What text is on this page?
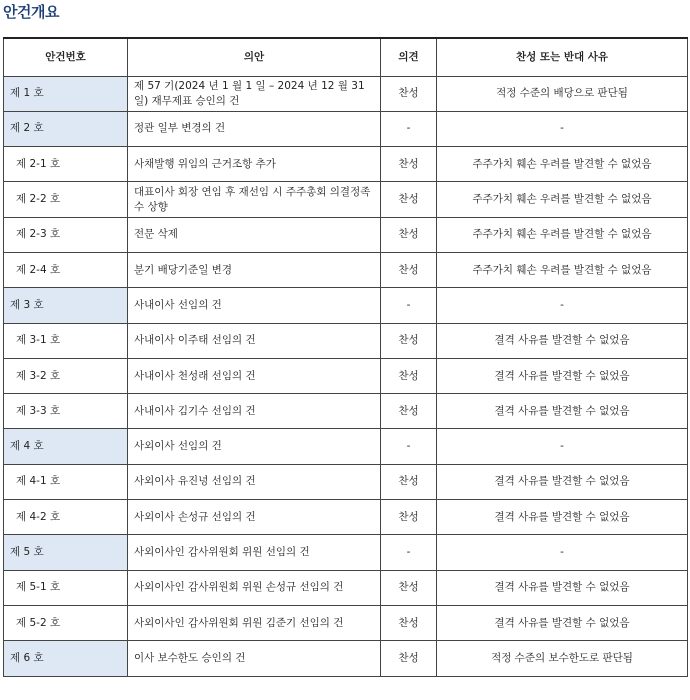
안건개요
안건번호	의안	의견	찬성 또는 반대 사유
제 1 호	제 57 기(2024 년 1 월 1 일 – 2024 년 12 월 31 일) 재무제표 승인의 건	찬성	적정 수준의 배당으로 판단됨
제 2 호	정관 일부 변경의 건	-	-
제 2-1 호	사채발행 위임의 근거조항 추가	찬성	주주가치 훼손 우려를 발견할 수 없었음
제 2-2 호	대표이사 회장 연임 후 재선임 시 주주총회 의결정족수 상향	찬성	주주가치 훼손 우려를 발견할 수 없었음
제 2-3 호	전문 삭제	찬성	주주가치 훼손 우려를 발견할 수 없었음
제 2-4 호	분기 배당기준일 변경	찬성	주주가치 훼손 우려를 발견할 수 없었음
제 3 호	사내이사 선임의 건	-	-
제 3-1 호	사내이사 이주태 선임의 건	찬성	결격 사유를 발견할 수 없었음
제 3-2 호	사내이사 천성래 선임의 건	찬성	결격 사유를 발견할 수 없었음
제 3-3 호	사내이사 김기수 선임의 건	찬성	결격 사유를 발견할 수 없었음
제 4 호	사외이사 선임의 건	-	-
제 4-1 호	사외이사 유진녕 선임의 건	찬성	결격 사유를 발견할 수 없었음
제 4-2 호	사외이사 손성규 선임의 건	찬성	결격 사유를 발견할 수 없었음
제 5 호	사외이사인 감사위원회 위원 선임의 건	-	-
제 5-1 호	사외이사인 감사위원회 위원 손성규 선임의 건	찬성	결격 사유를 발견할 수 없었음
제 5-2 호	사외이사인 감사위원회 위원 김준기 선임의 건	찬성	결격 사유를 발견할 수 없었음
제 6 호	이사 보수한도 승인의 건	찬성	적정 수준의 보수한도로 판단됨
